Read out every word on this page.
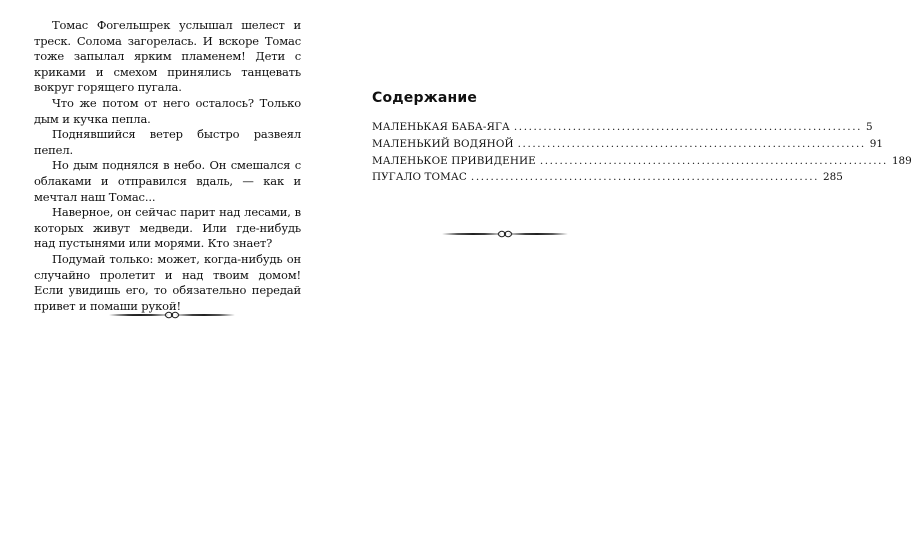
Томас Фогельшрек услышал шелест и треск. Солома загорелась. И вскоре Томас тоже запылал ярким пламенем! Дети с криками и смехом принялись танцевать вокруг горящего пугала.

Что же потом от него осталось? Только дым и кучка пепла.

Поднявшийся ветер быстро развеял пепел.

Но дым поднялся в небо. Он смешался с облаками и отправился вдаль, — как и мечтал наш Томас...

Наверное, он сейчас парит над лесами, в которых живут медведи. Или где-нибудь над пустынями или морями. Кто знает?

Подумай только: может, когда-нибудь он случайно пролетит и над твоим домом! Если увидишь его, то обязательно передай привет и помаши рукой!

Содержание
МАЛЕНЬКАЯ БАБА-ЯГА ....................................................................... 5
МАЛЕНЬКИЙ ВОДЯНОЙ ....................................................................... 91
МАЛЕНЬКОЕ ПРИВИДЕНИЕ ....................................................................... 189
ПУГАЛО ТОМАС ....................................................................... 285
